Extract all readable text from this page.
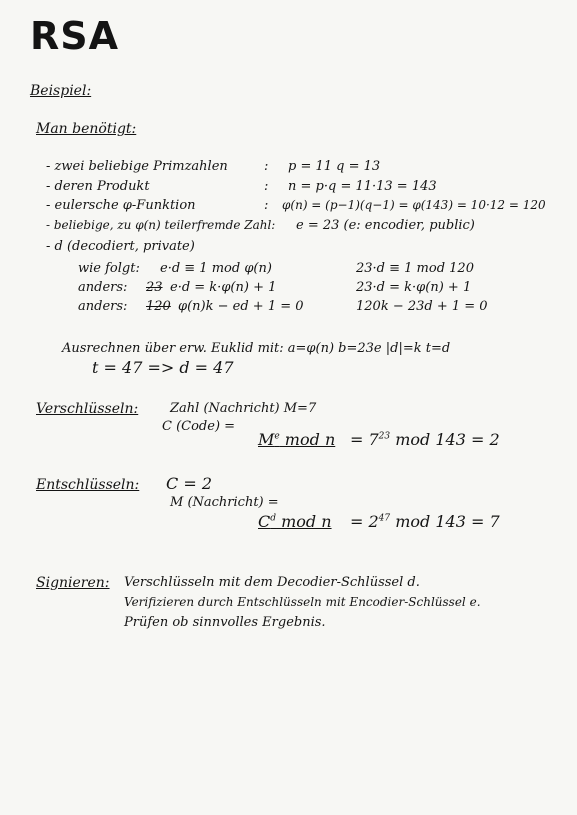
RSA
Beispiel:
Man benötigt:
- zwei beliebige Primzahlen	: p = 11 q = 13
- deren Produkt	: n = p·q = 11·13 = 143
- eulersche φ-Funktion	: φ(n) = (p−1)(q−1) = φ(143) = 10·12 = 120
- beliebige, zu φ(n) teilerfremde Zahl: e = 23 (e: encodier, public)
- d (decodiert, private)
wie folgt: e·d ≡ 1 mod φ(n)	23·d ≡ 1 mod 120
anders: 23 e·d = k·φ(n) + 1	23·d = k·φ(n) + 1
anders: 120 φ(n)k − ed + 1 = 0	120k − 23d + 1 = 0
Ausrechnen über erw. Euklid mit: a=φ(n) b=23e |d|=k t=d
t = 47 => d = 47
Verschlüsseln: Zahl (Nachricht) M=7
C (Code) =
$M^e$ mod $n = 7^{23}$ mod 143 = 2
Entschlüsseln: C = 2
M (Nachricht) =
$C^d$ mod $n = 2^{47}$ mod 143 = 7
Signieren: Verschlüsseln mit dem Decodier-Schlüssel d.
Verifizieren durch Entschlüsseln mit Encodier-Schlüssel e.
Prüfen ob sinnvolles Ergebnis.
